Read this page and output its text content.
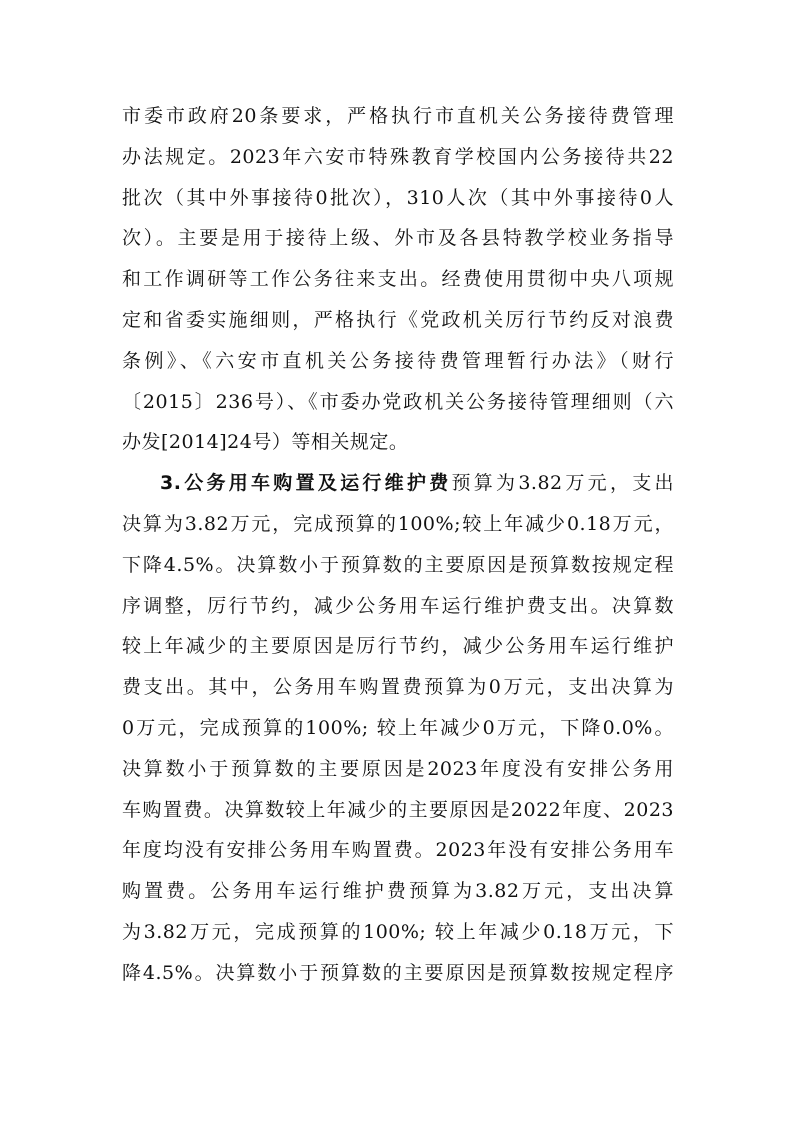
市委市政府20条要求，严格执行市直机关公务接待费管理
办法规定。2023年六安市特殊教育学校国内公务接待共22
批次（其中外事接待0批次），310人次（其中外事接待0人
次）。主要是用于接待上级、外市及各县特教学校业务指导
和工作调研等工作公务往来支出。经费使用贯彻中央八项规
定和省委实施细则，严格执行《党政机关厉行节约反对浪费
条例》、《六安市直机关公务接待费管理暂行办法》（财行
〔2015〕236号）、《市委办党政机关公务接待管理细则（六
办发[2014]24号）等相关规定。
3.公务用车购置及运行维护费预算为3.82万元，支出
决算为3.82万元，完成预算的100%;较上年减少0.18万元，
下降4.5%。决算数小于预算数的主要原因是预算数按规定程
序调整，厉行节约，减少公务用车运行维护费支出。决算数
较上年减少的主要原因是厉行节约，减少公务用车运行维护
费支出。其中，公务用车购置费预算为0万元，支出决算为
0万元，完成预算的100%; 较上年减少0万元，下降0.0%。
决算数小于预算数的主要原因是2023年度没有安排公务用
车购置费。决算数较上年减少的主要原因是2022年度、2023
年度均没有安排公务用车购置费。2023年没有安排公务用车
购置费。公务用车运行维护费预算为3.82万元，支出决算
为3.82万元，完成预算的100%; 较上年减少0.18万元，下
降4.5%。决算数小于预算数的主要原因是预算数按规定程序
